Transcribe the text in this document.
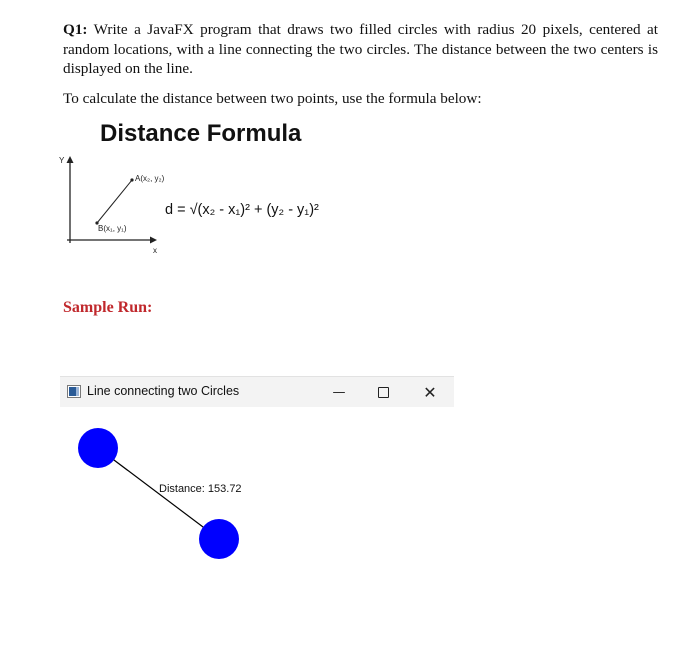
Q1: Write a JavaFX program that draws two filled circles with radius 20 pixels, centered at random locations, with a line connecting the two circles. The distance between the two centers is displayed on the line.
To calculate the distance between two points, use the formula below:
Distance Formula
Y
x
A(x₂, y₂)
B(x₁, y₁)
d = √(x₂ - x₁)² + (y₂ - y₁)²
Sample Run:
Line connecting two Circles	—	✕
Distance: 153.72
